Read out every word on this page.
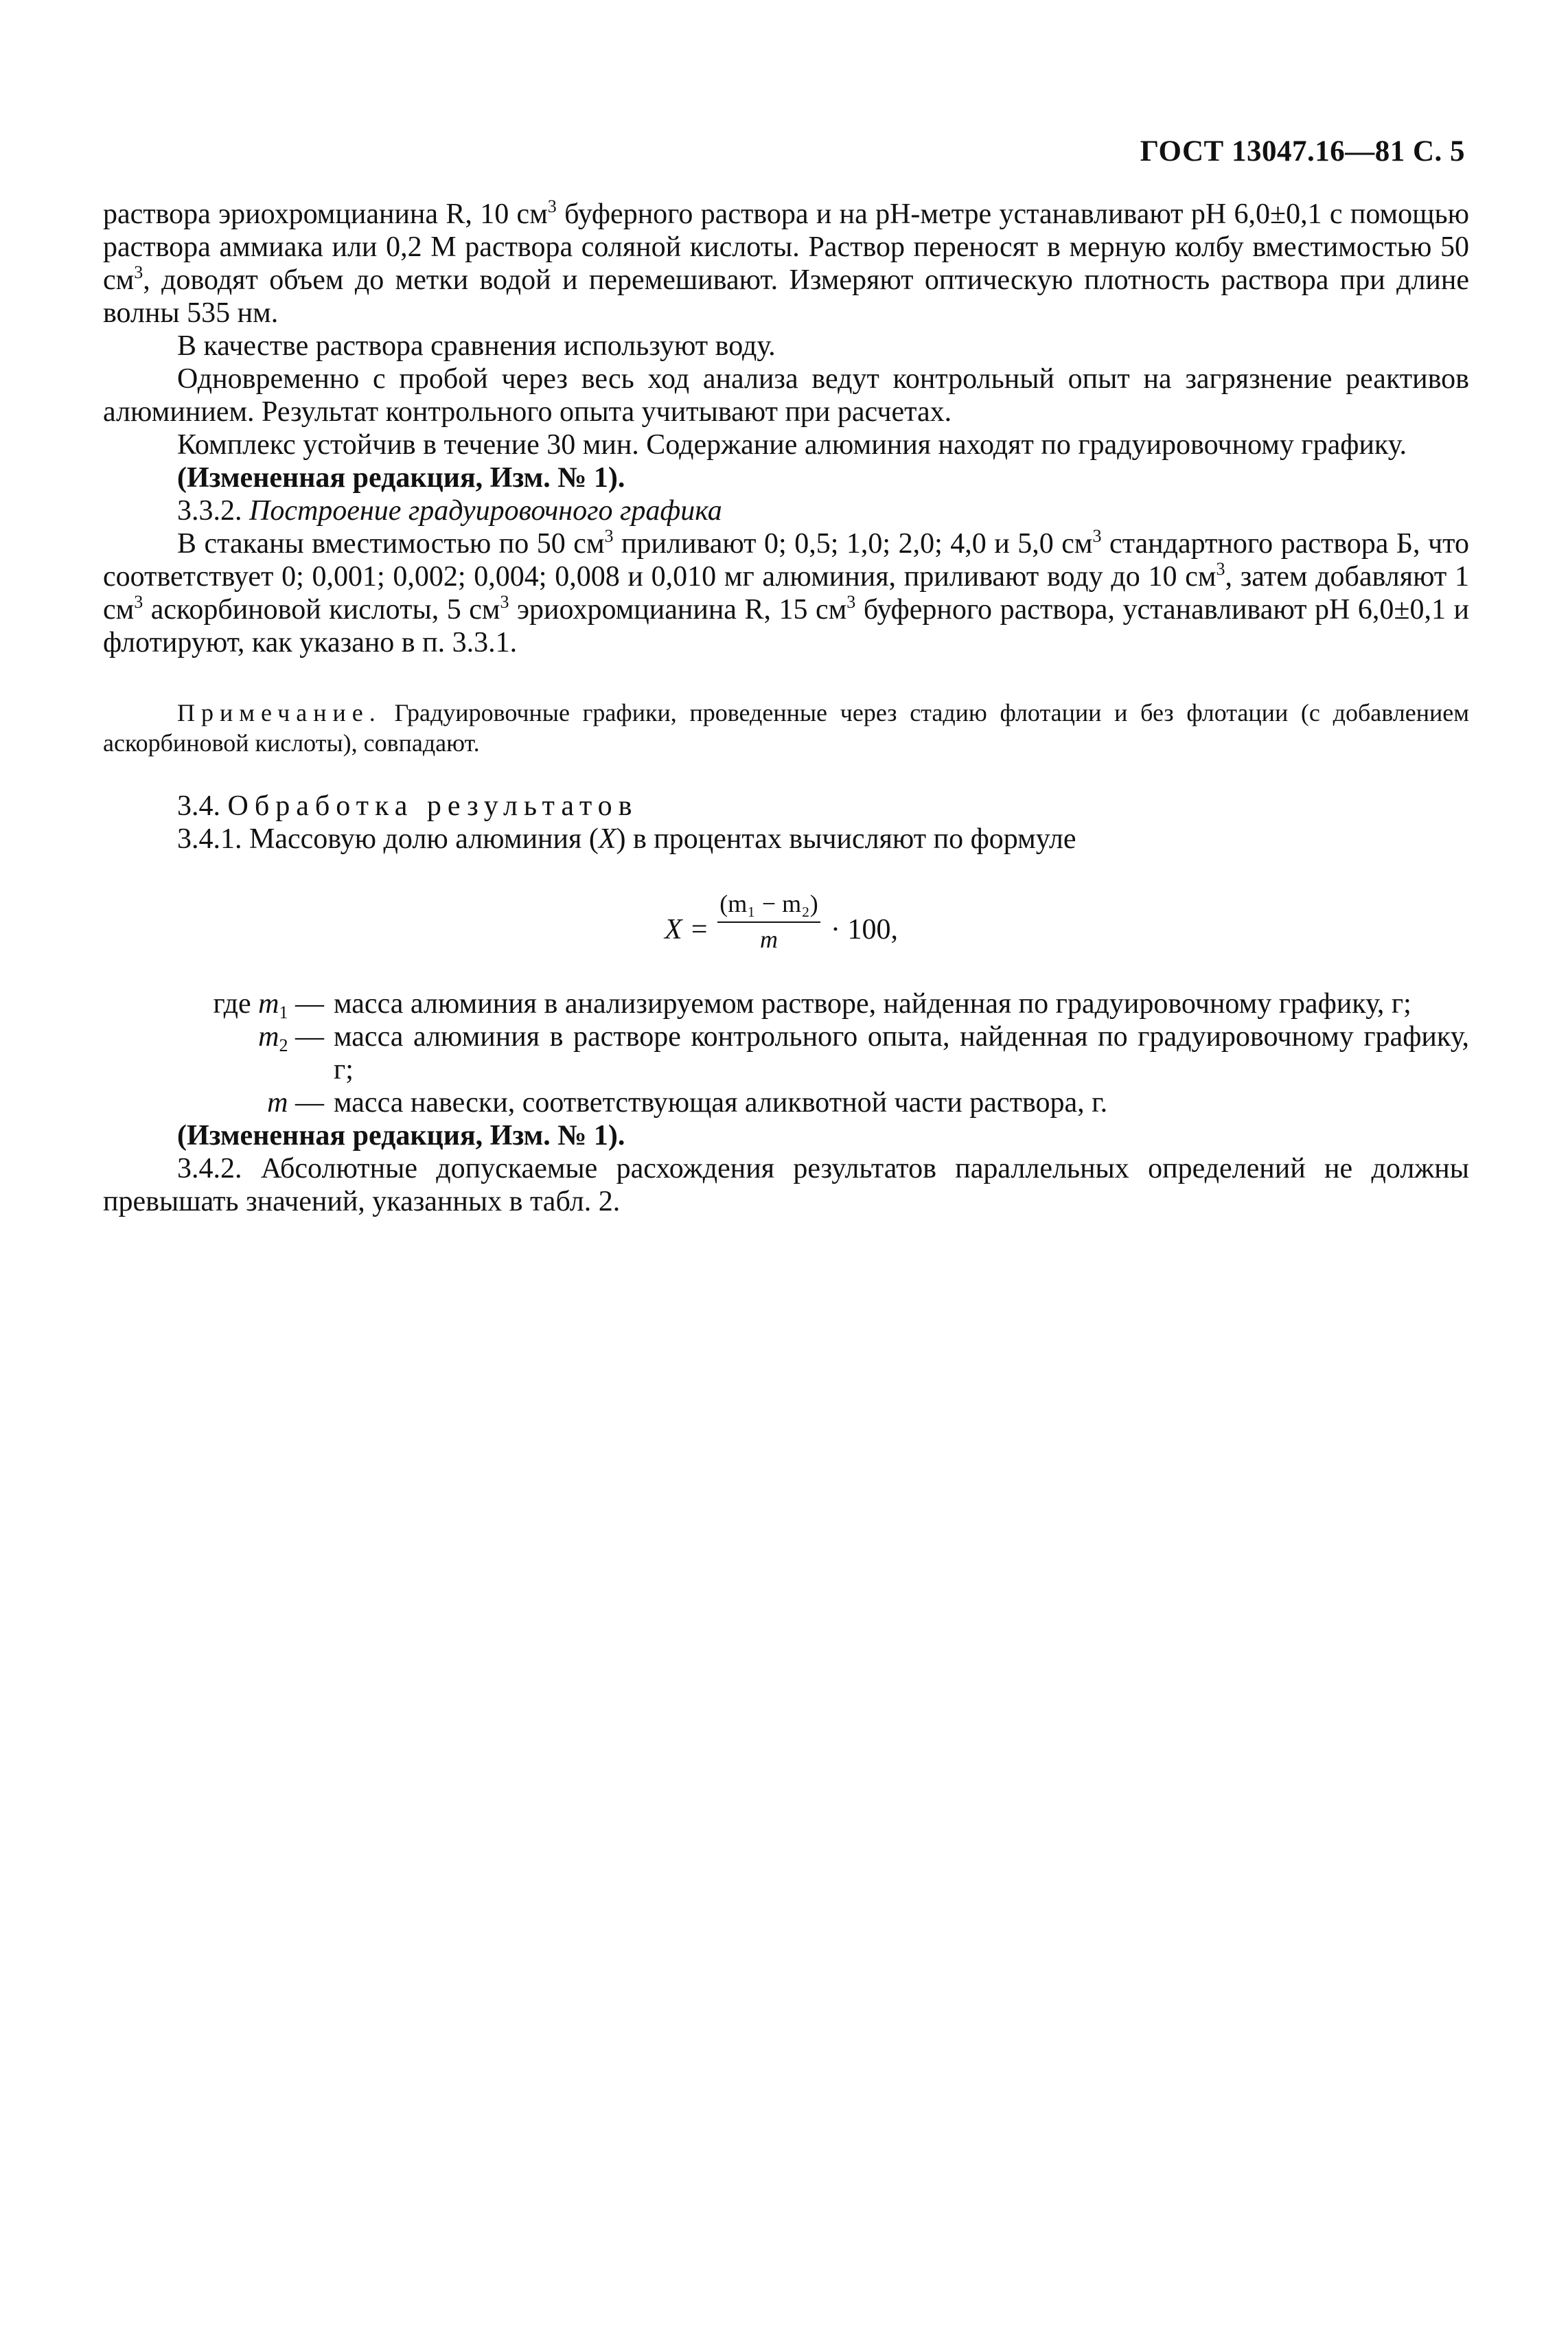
ГОСТ 13047.16—81 С. 5

раствора эриохромцианина R, 10 $см^3$ буферного раствора и на рН-метре устанавливают рН 6,0±0,1 с помощью раствора аммиака или 0,2 М раствора соляной кислоты. Раствор переносят в мерную колбу вместимостью 50 $см^3$, доводят объем до метки водой и перемешивают. Измеряют оптическую плотность раствора при длине волны 535 нм.

В качестве раствора сравнения используют воду.

Одновременно с пробой через весь ход анализа ведут контрольный опыт на загрязнение реактивов алюминием. Результат контрольного опыта учитывают при расчетах.

Комплекс устойчив в течение 30 мин. Содержание алюминия находят по градуировочному графику.

(Измененная редакция, Изм. № 1).

3.3.2. Построение градуировочного графика

В стаканы вместимостью по 50 $см^3$ приливают 0; 0,5; 1,0; 2,0; 4,0 и 5,0 $см^3$ стандартного раствора Б, что соответствует 0; 0,001; 0,002; 0,004; 0,008 и 0,010 мг алюминия, приливают воду до 10 $см^3$, затем добавляют 1 $см^3$ аскорбиновой кислоты, 5 $см^3$ эриохромцианина R, 15 $см^3$ буферного раствора, устанавливают рН 6,0±0,1 и флотируют, как указано в п. 3.3.1.

Примечание. Градуировочные графики, проведенные через стадию флотации и без флотации (с добавлением аскорбиновой кислоты), совпадают.

3.4. Обработка результатов

3.4.1. Массовую долю алюминия (X) в процентах вычисляют по формуле

X =
(m₁ − m₂)
m	· 100,
где $m_1$ — масса алюминия в анализируемом растворе, найденная по градуировочному графику, г;
$m_2$ — масса алюминия в растворе контрольного опыта, найденная по градуировочному графику, г;
m — масса навески, соответствующая аликвотной части раствора, г.

(Измененная редакция, Изм. № 1).

3.4.2. Абсолютные допускаемые расхождения результатов параллельных определений не должны превышать значений, указанных в табл. 2.
